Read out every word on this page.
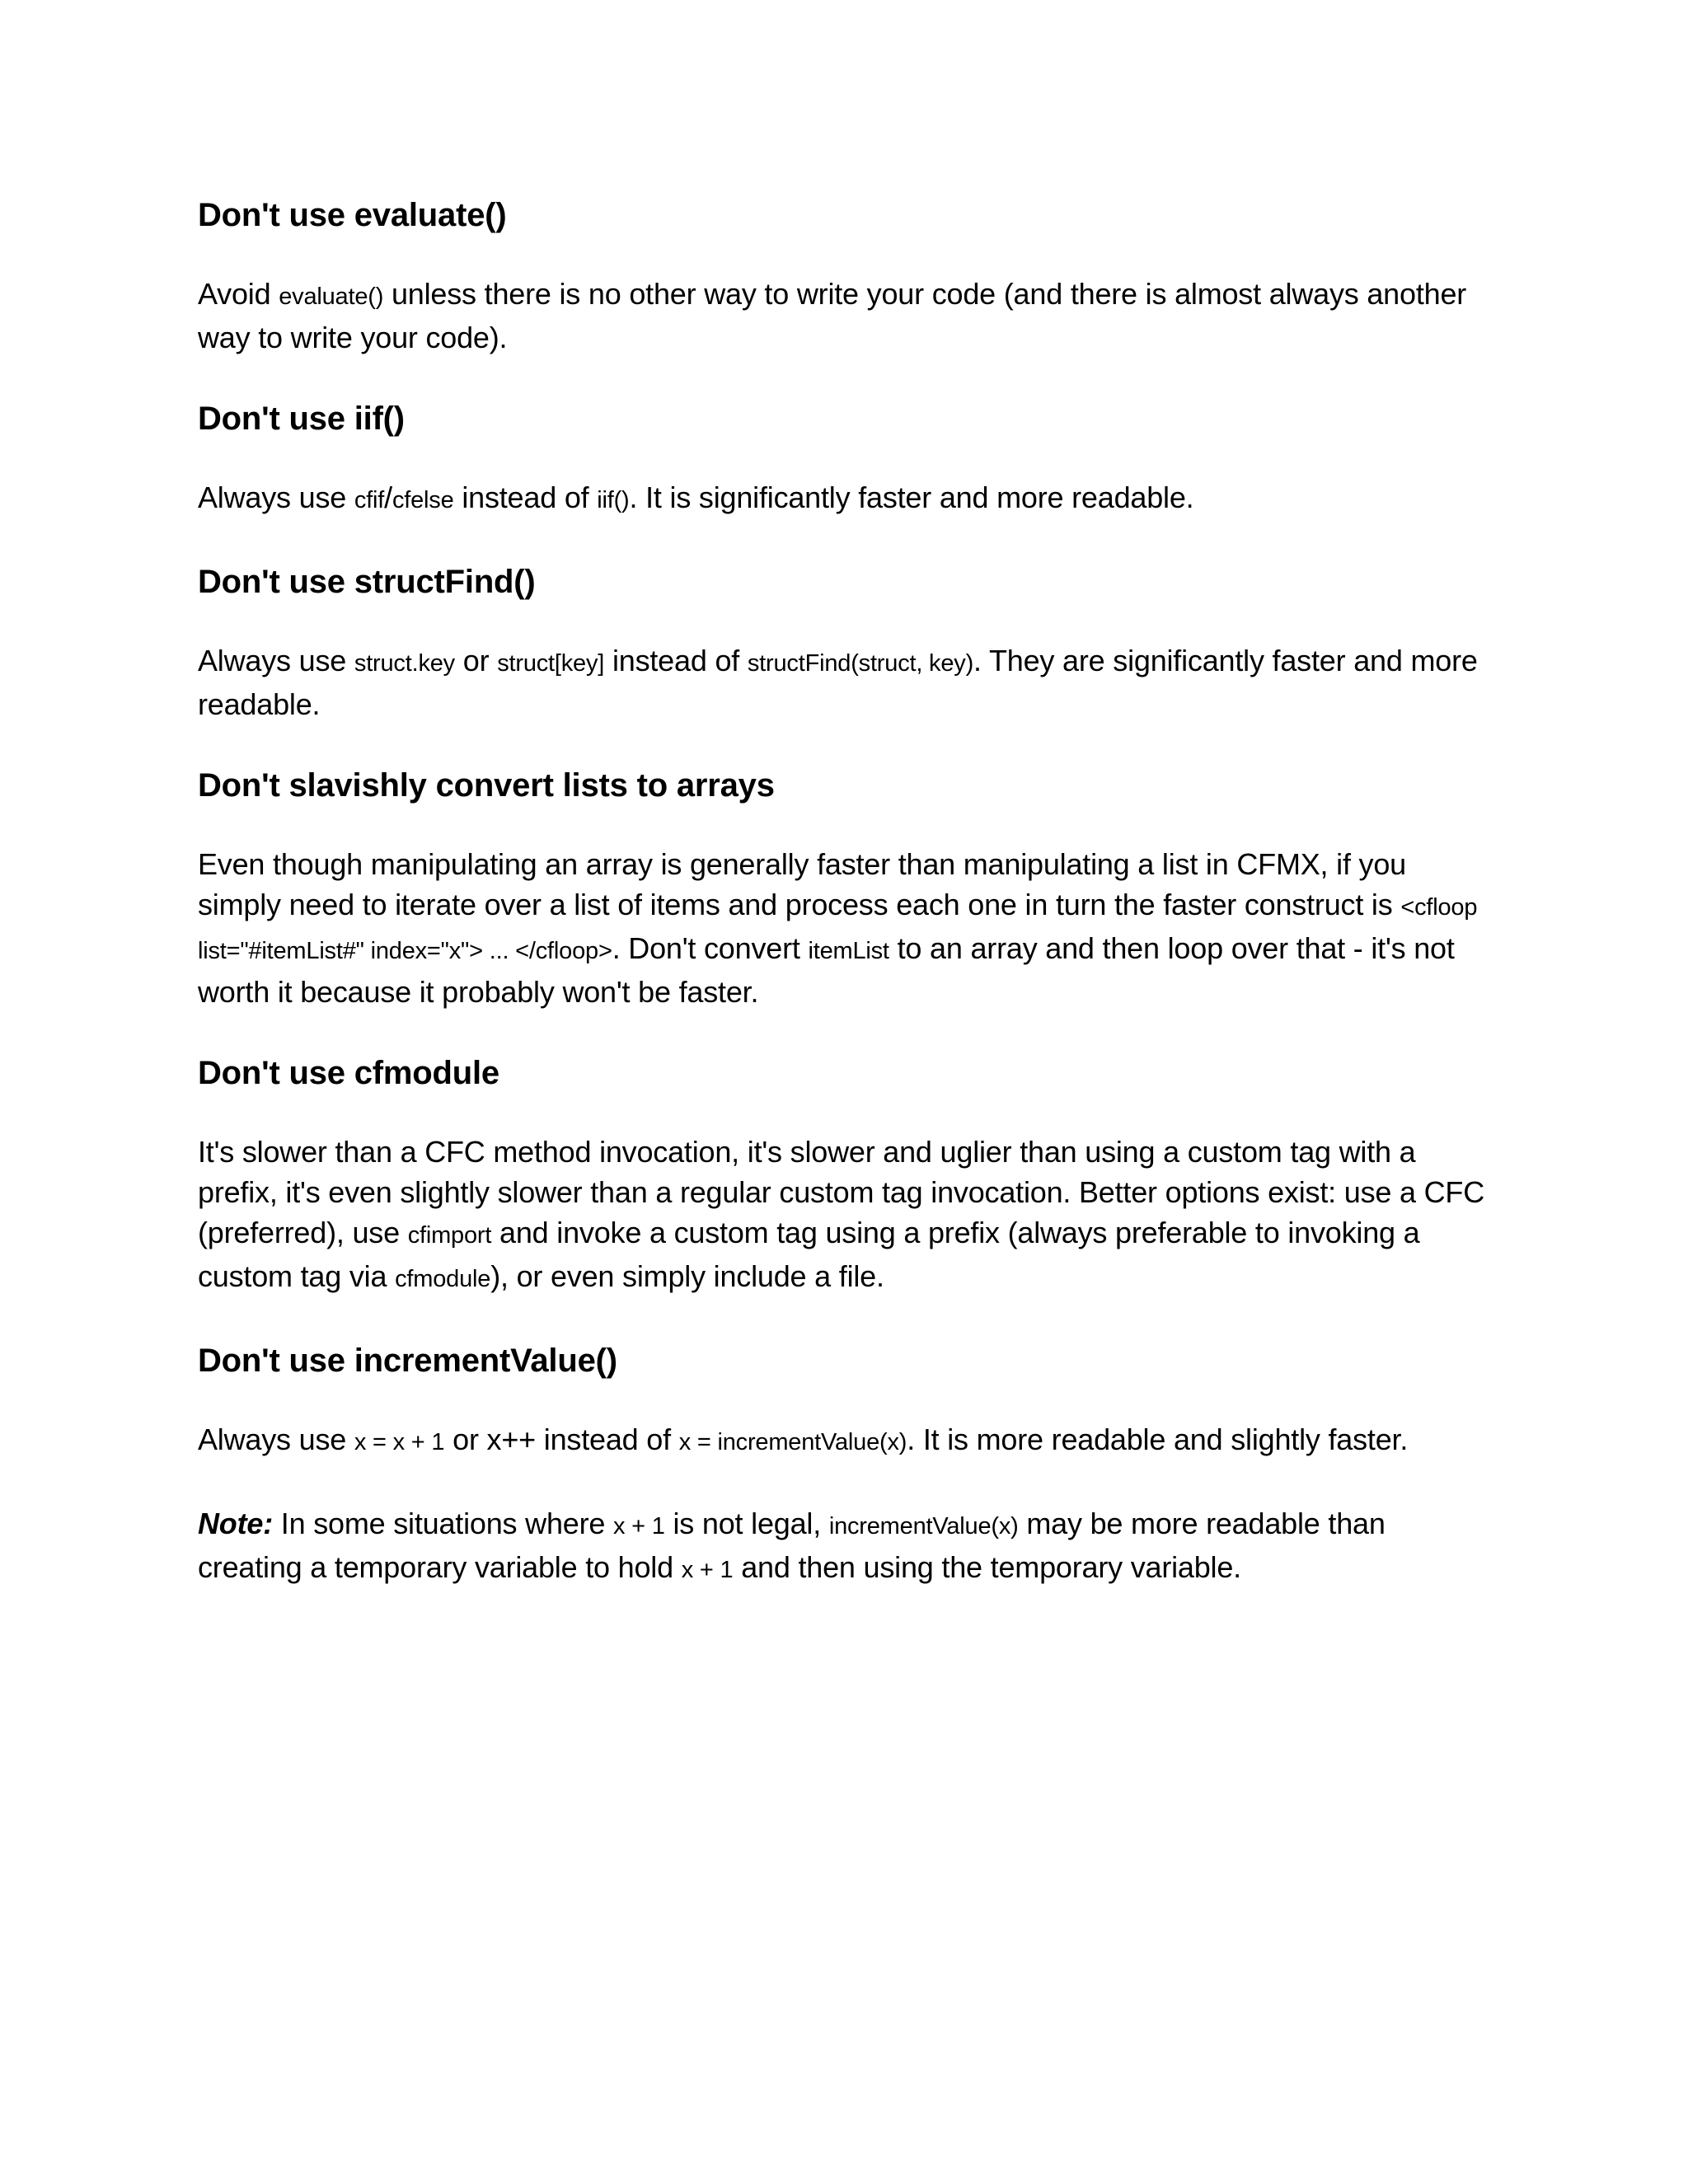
Don't use evaluate()

Avoid evaluate() unless there is no other way to write your code (and there is almost always another way to write your code).

Don't use iif()

Always use cfif/cfelse instead of iif(). It is significantly faster and more readable.

Don't use structFind()

Always use struct.key or struct[key] instead of structFind(struct, key). They are significantly faster and more readable.

Don't slavishly convert lists to arrays

Even though manipulating an array is generally faster than manipulating a list in CFMX, if you simply need to iterate over a list of items and process each one in turn the faster construct is <cfloop list="#itemList#" index="x"> ... </cfloop>. Don't convert itemList to an array and then loop over that - it's not worth it because it probably won't be faster.

Don't use cfmodule

It's slower than a CFC method invocation, it's slower and uglier than using a custom tag with a prefix, it's even slightly slower than a regular custom tag invocation. Better options exist: use a CFC (preferred), use cfimport and invoke a custom tag using a prefix (always preferable to invoking a custom tag via cfmodule), or even simply include a file.

Don't use incrementValue()

Always use x = x + 1 or x++ instead of x = incrementValue(x). It is more readable and slightly faster.

Note: In some situations where x + 1 is not legal, incrementValue(x) may be more readable than creating a temporary variable to hold x + 1 and then using the temporary variable.
